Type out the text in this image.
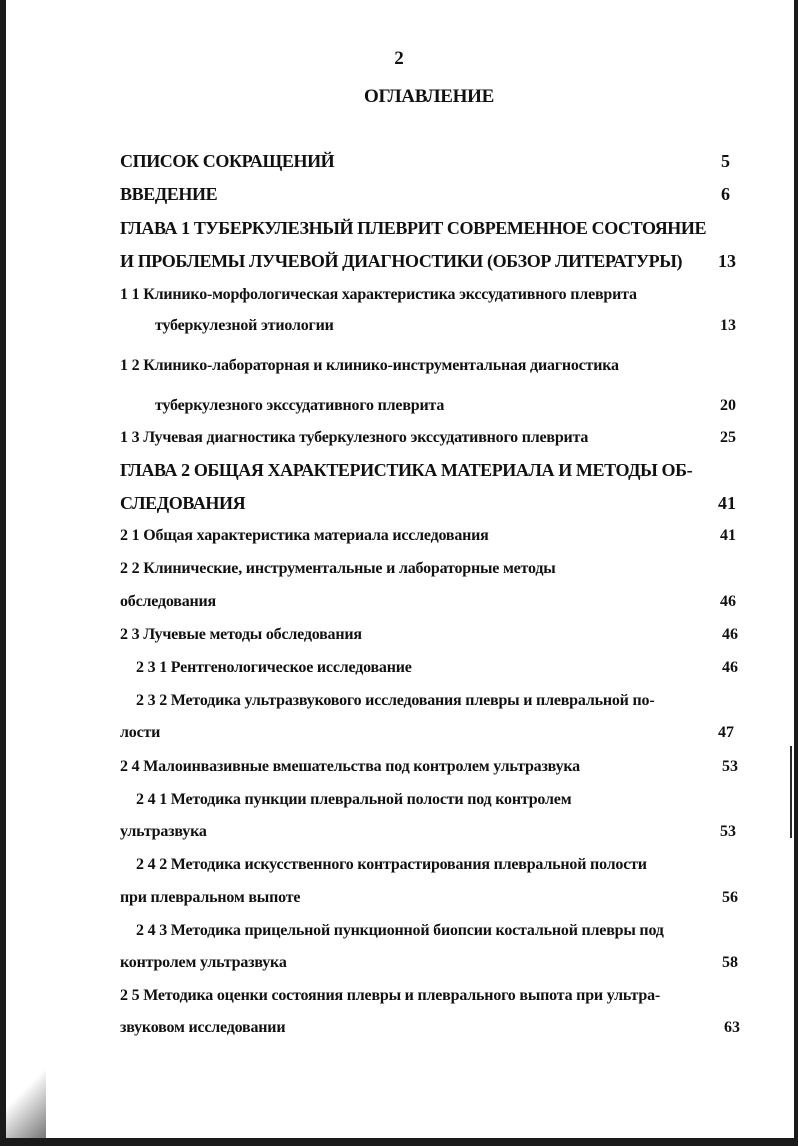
2
ОГЛАВЛЕНИЕ
СПИСОК СОКРАЩЕНИЙ	5
ВВЕДЕНИЕ	6
ГЛАВА 1 ТУБЕРКУЛЕЗНЫЙ ПЛЕВРИТ СОВРЕМЕННОЕ СОСТОЯНИЕ
И ПРОБЛЕМЫ ЛУЧЕВОЙ ДИАГНОСТИКИ (ОБЗОР ЛИТЕРАТУРЫ)	13
1 1 Клинико-морфологическая характеристика экссудативного плеврита
туберкулезной этиологии	13
1 2 Клинико-лабораторная и клинико-инструментальная диагностика
туберкулезного экссудативного плеврита	20
1 3 Лучевая диагностика туберкулезного экссудативного плеврита	25
ГЛАВА 2 ОБЩАЯ ХАРАКТЕРИСТИКА МАТЕРИАЛА И МЕТОДЫ ОБ-
СЛЕДОВАНИЯ	41
2 1 Общая характеристика материала исследования	41
2 2 Клинические, инструментальные и лабораторные методы
обследования	46
2 3 Лучевые методы обследования	46
2 3 1 Рентгенологическое исследование	46
2 3 2 Методика ультразвукового исследования плевры и плевральной по-
лости	47
2 4 Малоинвазивные вмешательства под контролем ультразвука	53
2 4 1 Методика пункции плевральной полости под контролем
ультразвука	53
2 4 2 Методика искусственного контрастирования плевральной полости
при плевральном выпоте	56
2 4 3 Методика прицельной пункционной биопсии костальной плевры под
контролем ультразвука	58
2 5 Методика оценки состояния плевры и плеврального выпота при ультра-
звуковом исследовании	63
